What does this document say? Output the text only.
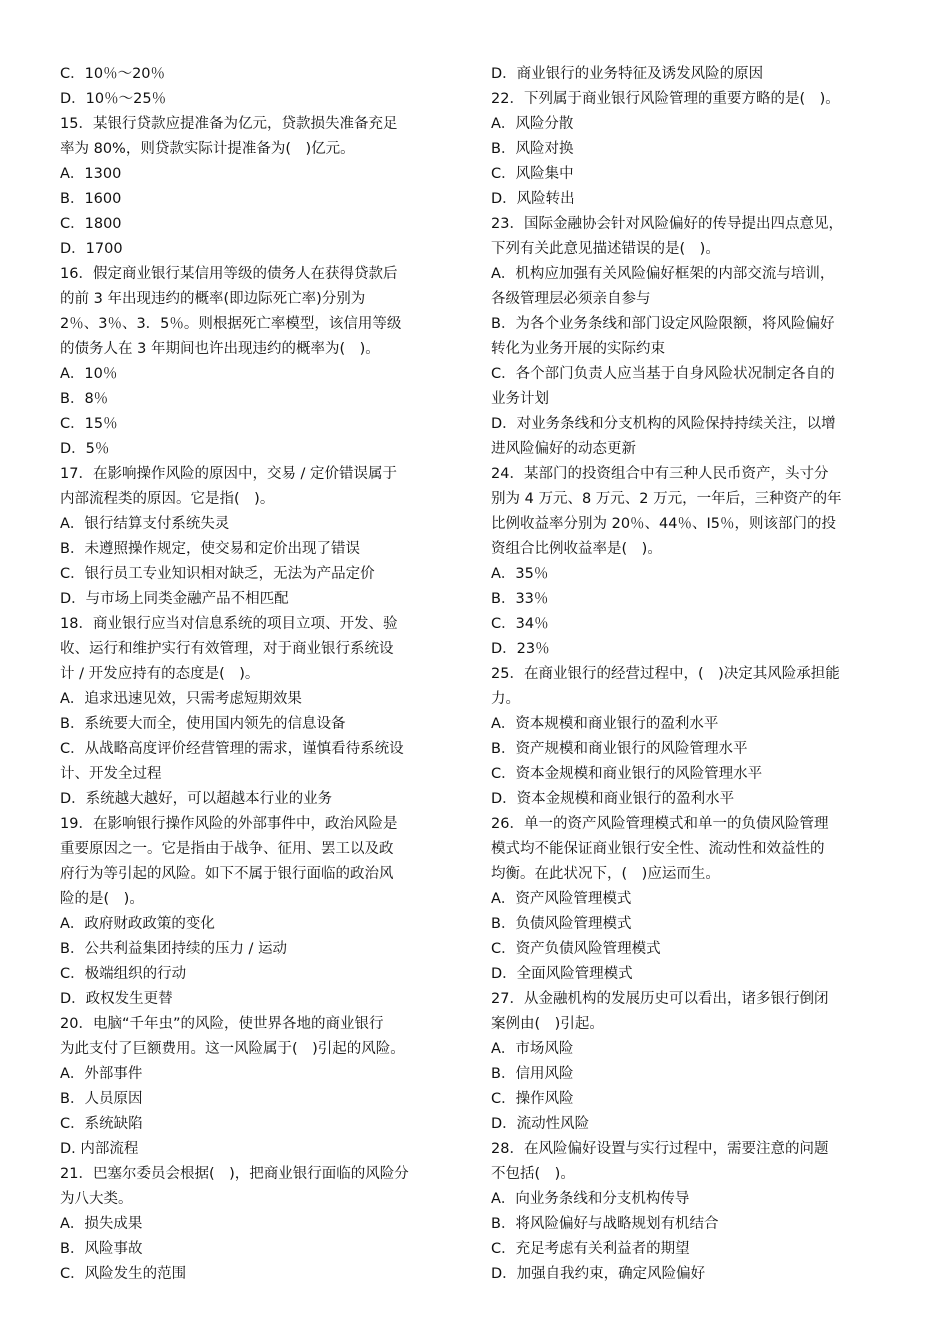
C．10％～20％
D．10％～25％
15．某银行贷款应提准备为亿元，贷款损失准备充足
率为 80%，则贷款实际计提准备为(　)亿元。
A．1300
B．1600
C．1800
D．1700
16．假定商业银行某信用等级的债务人在获得贷款后
的前 3 年出现违约的概率(即边际死亡率)分别为
2％、3％、3．5％。则根据死亡率模型，该信用等级
的债务人在 3 年期间也许出现违约的概率为(　)。
A．10％
B．8％
C．15％
D．5％
17．在影响操作风险的原因中，交易 / 定价错误属于
内部流程类的原因。它是指(　)。
A．银行结算支付系统失灵
B．未遵照操作规定，使交易和定价出现了错误
C．银行员工专业知识相对缺乏，无法为产品定价
D．与市场上同类金融产品不相匹配
18．商业银行应当对信息系统的项目立项、开发、验
收、运行和维护实行有效管理，对于商业银行系统设
计 / 开发应持有的态度是(　)。
A．追求迅速见效，只需考虑短期效果
B．系统要大而全，使用国内领先的信息设备
C．从战略高度评价经营管理的需求，谨慎看待系统设
计、开发全过程
D．系统越大越好，可以超越本行业的业务
19．在影响银行操作风险的外部事件中，政治风险是
重要原因之一。它是指由于战争、征用、罢工以及政
府行为等引起的风险。如下不属于银行面临的政治风
险的是(　)。
A．政府财政政策的变化
B．公共利益集团持续的压力 / 运动
C．极端组织的行动
D．政权发生更替
20．电脑“千年虫”的风险，使世界各地的商业银行
为此支付了巨额费用。这一风险属于(　)引起的风险。
A．外部事件
B．人员原因
C．系统缺陷
D. 内部流程
21．巴塞尔委员会根据(　)，把商业银行面临的风险分
为八大类。
A．损失成果
B．风险事故
C．风险发生的范围
D．商业银行的业务特征及诱发风险的原因
22．下列属于商业银行风险管理的重要方略的是(　)。
A．风险分散
B．风险对换
C．风险集中
D．风险转出
23．国际金融协会针对风险偏好的传导提出四点意见，
下列有关此意见描述错误的是(　)。
A．机构应加强有关风险偏好框架的内部交流与培训，
各级管理层必须亲自参与
B．为各个业务条线和部门设定风险限额，将风险偏好
转化为业务开展的实际约束
C．各个部门负责人应当基于自身风险状况制定各自的
业务计划
D．对业务条线和分支机构的风险保持持续关注，以增
进风险偏好的动态更新
24．某部门的投资组合中有三种人民币资产，头寸分
别为 4 万元、8 万元、2 万元，一年后，三种资产的年
比例收益率分别为 20％、44％、I5％，则该部门的投
资组合比例收益率是(　)。
A．35％
B．33％
C．34％
D．23％
25．在商业银行的经营过程中，(　)决定其风险承担能
力。
A．资本规模和商业银行的盈利水平
B．资产规模和商业银行的风险管理水平
C．资本金规模和商业银行的风险管理水平
D．资本金规模和商业银行的盈利水平
26．单一的资产风险管理模式和单一的负债风险管理
模式均不能保证商业银行安全性、流动性和效益性的
均衡。在此状况下，(　)应运而生。
A．资产风险管理模式
B．负债风险管理模式
C．资产负债风险管理模式
D．全面风险管理模式
27．从金融机构的发展历史可以看出，诸多银行倒闭
案例由(　)引起。
A．市场风险
B．信用风险
C．操作风险
D．流动性风险
28．在风险偏好设置与实行过程中，需要注意的问题
不包括(　)。
A．向业务条线和分支机构传导
B．将风险偏好与战略规划有机结合
C．充足考虑有关利益者的期望
D．加强自我约束，确定风险偏好
